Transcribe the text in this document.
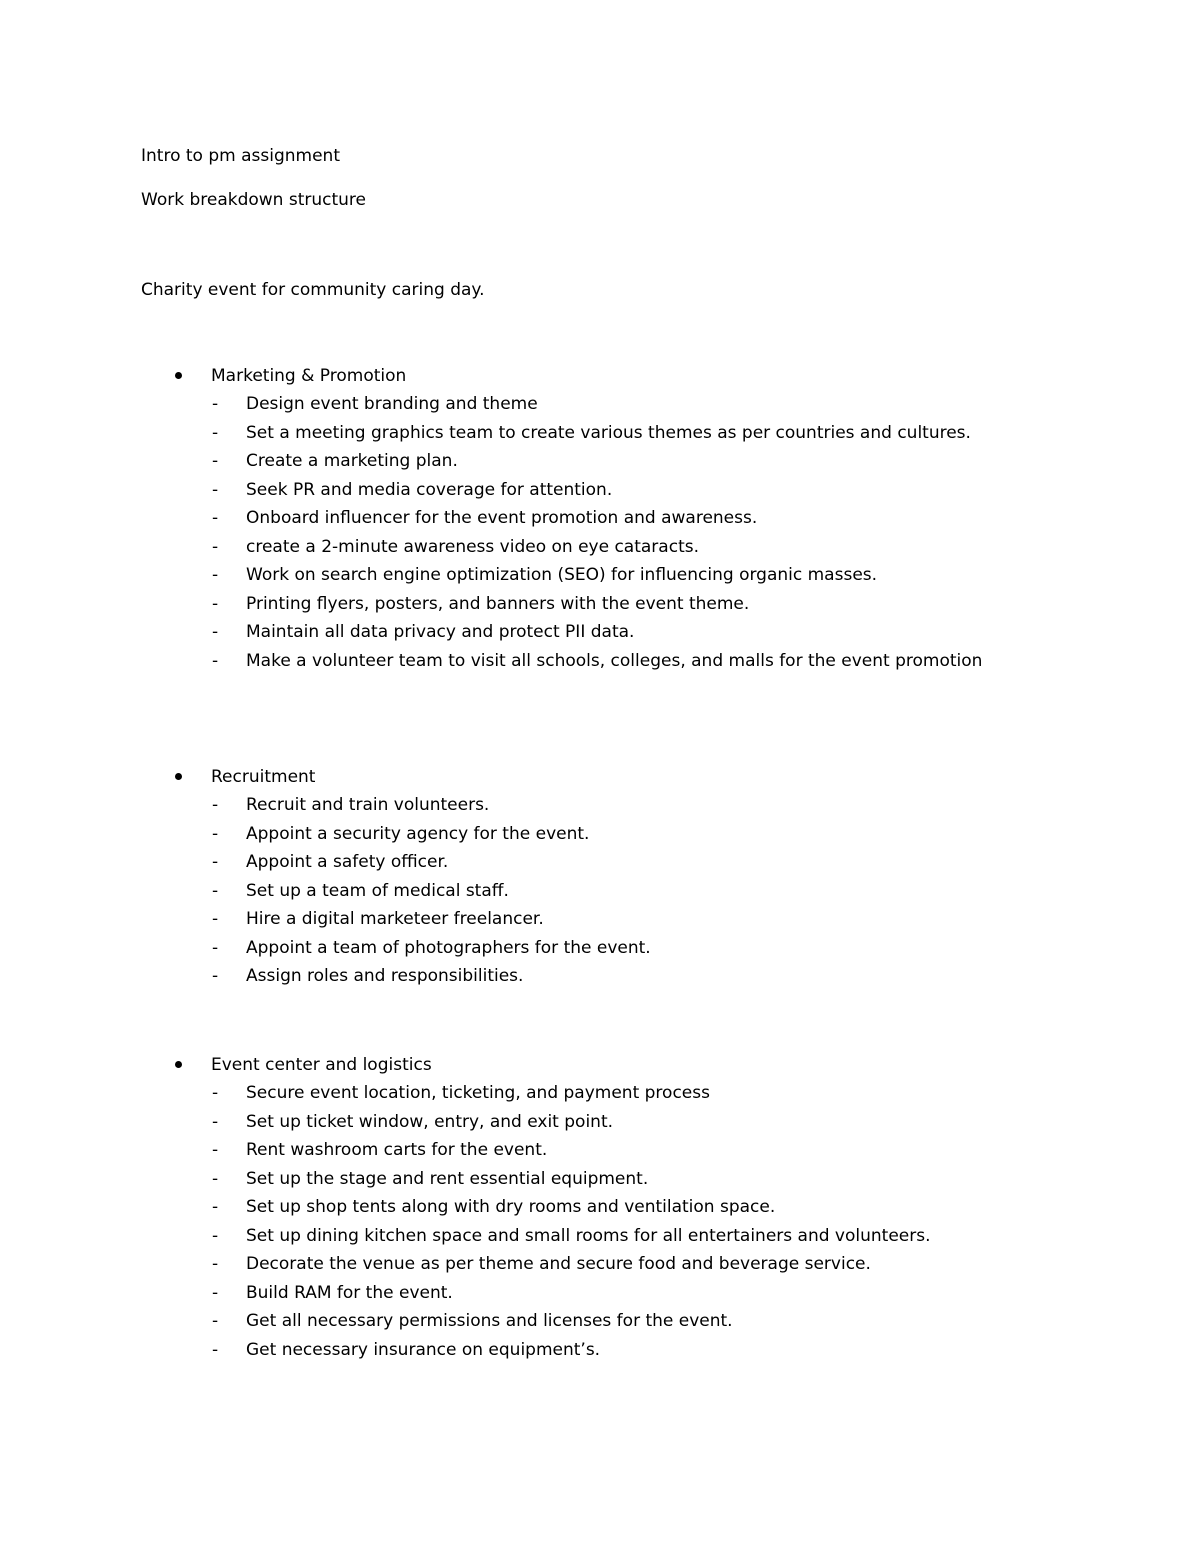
Intro to pm assignment
Work breakdown structure
Charity event for community caring day.
Marketing & Promotion
- Design event branding and theme
- Set a meeting graphics team to create various themes as per countries and cultures.
- Create a marketing plan.
- Seek PR and media coverage for attention.
- Onboard influencer for the event promotion and awareness.
- create a 2-minute awareness video on eye cataracts.
- Work on search engine optimization (SEO) for influencing organic masses.
- Printing flyers, posters, and banners with the event theme.
- Maintain all data privacy and protect PII data.
- Make a volunteer team to visit all schools, colleges, and malls for the event promotion
Recruitment
- Recruit and train volunteers.
- Appoint a security agency for the event.
- Appoint a safety officer.
- Set up a team of medical staff.
- Hire a digital marketeer freelancer.
- Appoint a team of photographers for the event.
- Assign roles and responsibilities.
Event center and logistics
- Secure event location, ticketing, and payment process
- Set up ticket window, entry, and exit point.
- Rent washroom carts for the event.
- Set up the stage and rent essential equipment.
- Set up shop tents along with dry rooms and ventilation space.
- Set up dining kitchen space and small rooms for all entertainers and volunteers.
- Decorate the venue as per theme and secure food and beverage service.
- Build RAM for the event.
- Get all necessary permissions and licenses for the event.
- Get necessary insurance on equipment’s.
